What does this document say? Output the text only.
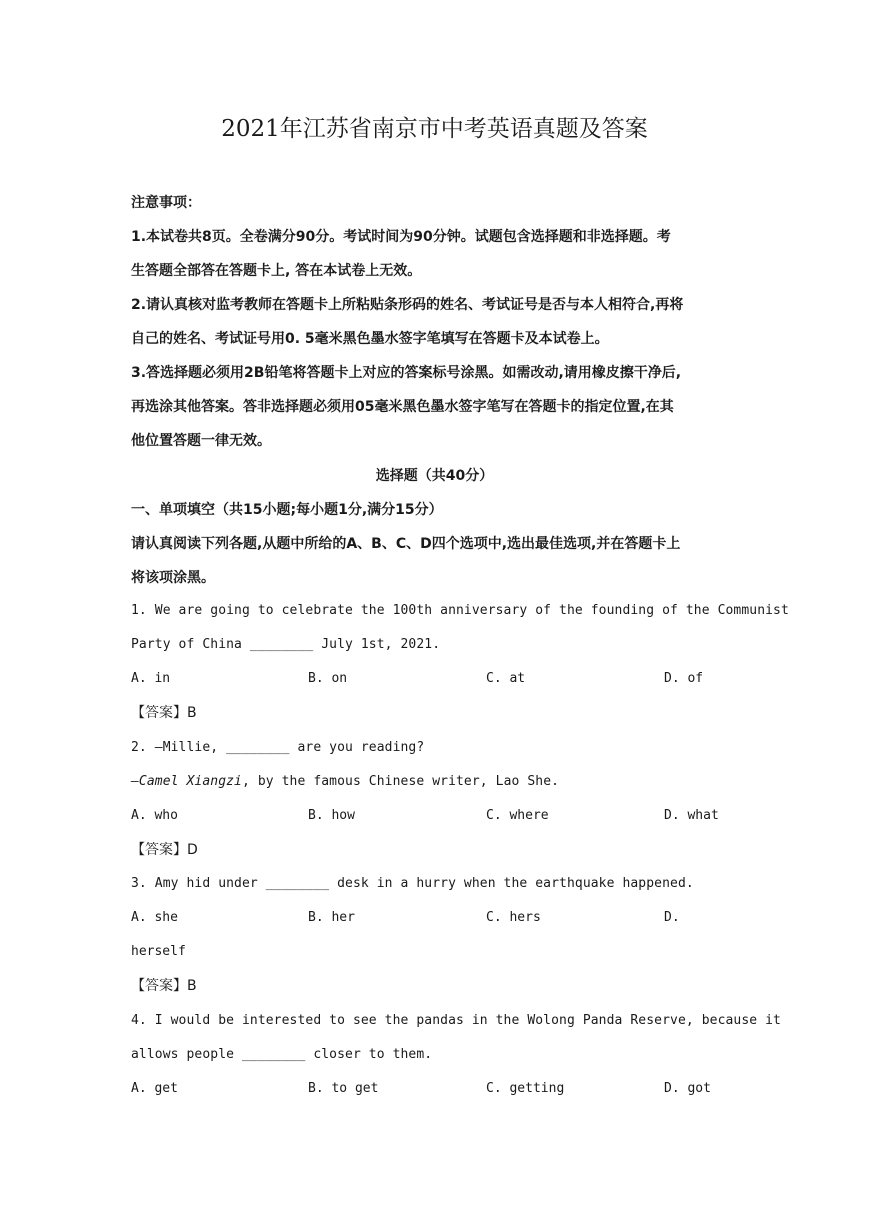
2021年江苏省南京市中考英语真题及答案
注意事项：
1.本试卷共8页。全卷满分90分。考试时间为90分钟。试题包含选择题和非选择题。考
生答题全部答在答题卡上, 答在本试卷上无效。
2.请认真核对监考教师在答题卡上所粘贴条形码的姓名、考试证号是否与本人相符合,再将
自己的姓名、考试证号用0. 5毫米黑色墨水签字笔填写在答题卡及本试卷上。
3.答选择题必须用2B铅笔将答题卡上对应的答案标号涂黑。如需改动,请用橡皮擦干净后,
再选涂其他答案。答非选择题必须用05毫米黑色墨水签字笔写在答题卡的指定位置,在其
他位置答题一律无效。
选择题（共40分）
一、单项填空（共15小题;每小题1分,满分15分）
请认真阅读下列各题,从题中所给的A、B、C、D四个选项中,选出最佳选项,并在答题卡上
将该项涂黑。
1. We are going to celebrate the 100th anniversary of the founding of the Communist
Party of China ________ July 1st, 2021.
A. in	B. on	C. at	D. of
【答案】B
2. —Millie, ________ are you reading?
—Camel Xiangzi, by the famous Chinese writer, Lao She.
A. who	B. how	C. where	D. what
【答案】D
3. Amy hid under ________ desk in a hurry when the earthquake happened.
A. she	B. her	C. hers	D.
herself
【答案】B
4. I would be interested to see the pandas in the Wolong Panda Reserve, because it
allows people ________ closer to them.
A. get	B. to get	C. getting	D. got
